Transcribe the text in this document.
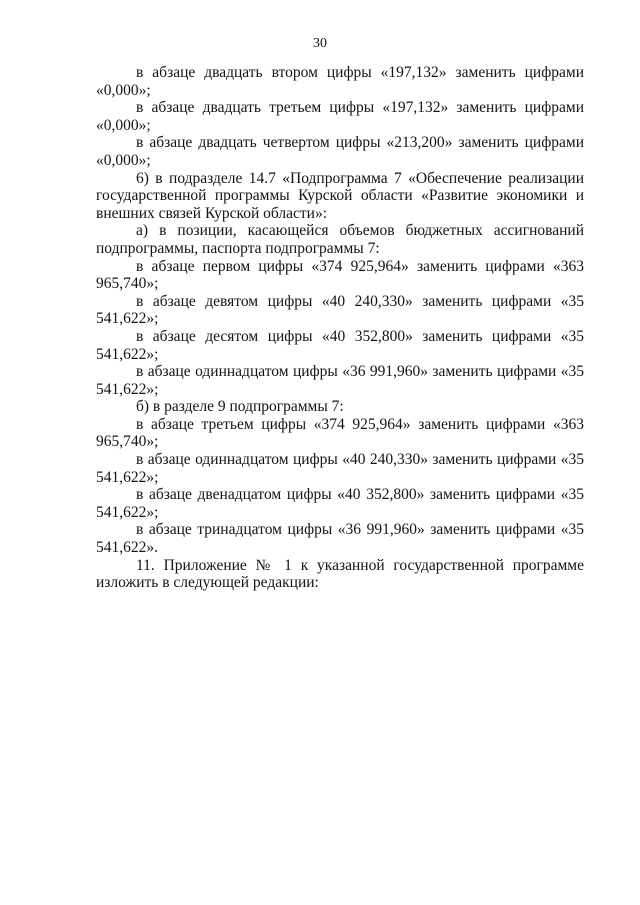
30

в абзаце двадцать втором цифры «197,132» заменить цифрами «0,000»;

в абзаце двадцать третьем цифры «197,132» заменить цифрами «0,000»;

в абзаце двадцать четвертом цифры «213,200» заменить цифрами «0,000»;

6) в подразделе 14.7 «Подпрограмма 7 «Обеспечение реализации государственной программы Курской области «Развитие экономики и внешних связей Курской области»:

а) в позиции, касающейся объемов бюджетных ассигнований подпрограммы, паспорта подпрограммы 7:

в абзаце первом цифры «374 925,964» заменить цифрами «363 965,740»;

в абзаце девятом цифры «40 240,330» заменить цифрами «35 541,622»;

в абзаце десятом цифры «40 352,800» заменить цифрами «35 541,622»;

в абзаце одиннадцатом цифры «36 991,960» заменить цифрами «35 541,622»;

б) в разделе 9 подпрограммы 7:

в абзаце третьем цифры «374 925,964» заменить цифрами «363 965,740»;

в абзаце одиннадцатом цифры «40 240,330» заменить цифрами «35 541,622»;

в абзаце двенадцатом цифры «40 352,800» заменить цифрами «35 541,622»;

в абзаце тринадцатом цифры «36 991,960» заменить цифрами «35 541,622».

11. Приложение № 1 к указанной государственной программе изложить в следующей редакции:
